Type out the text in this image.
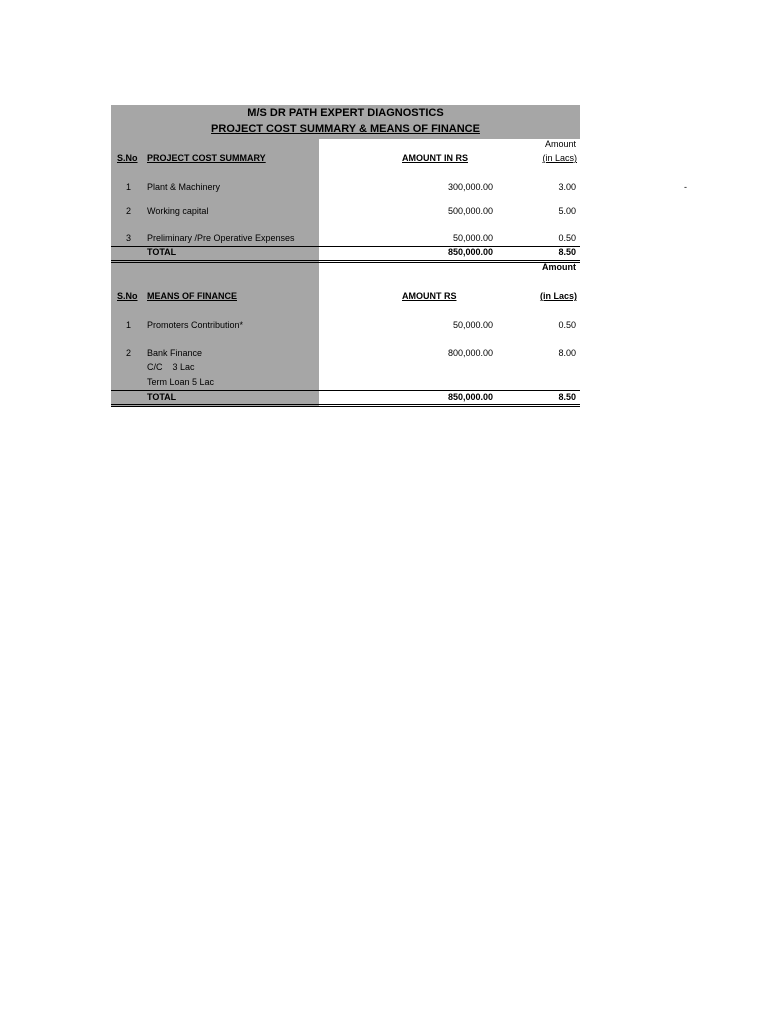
M/S DR PATH EXPERT DIAGNOSTICS
PROJECT COST SUMMARY & MEANS OF FINANCE
Amount
S.No PROJECT COST SUMMARY	AMOUNT IN RS	(in Lacs)
1 Plant & Machinery	300,000.00	3.00
2 Working capital	500,000.00	5.00
3 Preliminary /Pre Operative Expenses	50,000.00	0.50
TOTAL	850,000.00	8.50
Amount
S.No MEANS OF FINANCE	AMOUNT RS	(in Lacs)
1 Promoters Contribution*	50,000.00	0.50
2 Bank Finance	800,000.00	8.00
C/C    3 Lac
Term Loan 5 Lac
TOTAL	850,000.00	8.50
-
